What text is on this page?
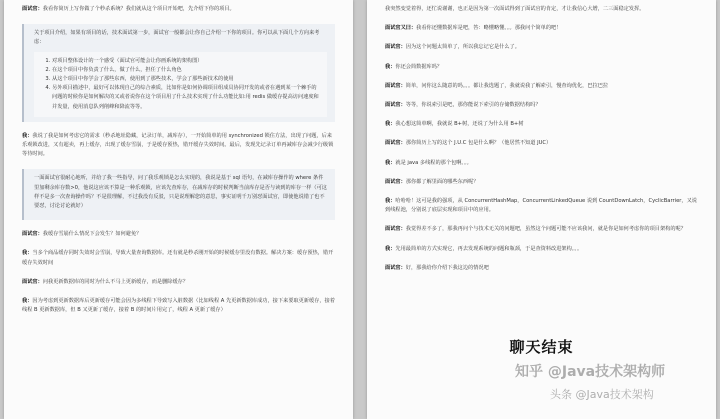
面试官：我看你简历上写你做了个秒杀系统？我们就从这个项目开始吧，先介绍下你的项目。

关于项目介绍，如果有项目的话，技术面试第一步，面试官一般都会让你自己介绍一下你的项目。你可以从下面几个方向来考虑：

1. 对项目整体设计的一个感受（面试官可能会让你画系统的架构图）
2. 在这个项目中你负责了什么，做了什么，担任了什么角色
3. 从这个项目中你学会了那些东西，使用到了那些技术，学会了那些新技术的使用
4. 另外项目描述中，最好可以体现自己的综合素质，比如你是如何协调项目组成员协同开发的或者在遇到某一个棘手的问题的时候你是如何解决的又或者说你在这个项目用了什么技术实现了什么功能比如:用 redis 做缓存提高访问速度和并发量，使用消息队列削峰和降流等等。

我：我说了我是如何考虑它的需求（秒杀地址隐藏，记录订单，减库存），一开始简单的用 synchronized 锁住方法，出现了问题，后来乐观锁改进，又有超卖，再上缓存，出现了缓存雪崩，于是缓存预热，错开缓存失效时间。最后，发现先记录订单再减库存会减少行级锁等待时间。

一面面试官很耐心地听，并给了我一些指导，问了我乐观锁是怎么实现的，我说是基于 sql 语句，在减库存操作的 where 条件里加剩余库存数>0，他说这应该不算是一种乐观锁，应该先查库存，在减库存的时候判断当前库存是否与读到的库存一样（可这样不是多一次查询操作吗？不是很理解，不过我没有反驳，只是说理解您的意思，事实证明千万别怼面试官，即使他说错了也不要怼，讨论讨论就好）

面试官：我缓存雪崩什么情况下会发生？如何避免？

我：当多个商品缓存同时失效时会雪崩，导致大量查询数据库。还有就是秒杀刚开始的时候缓存里没有数据。解决方案：缓存预热，错开缓存失效时间

面试官：问我更新数据库的同时为什么不马上更新缓存，而是删除缓存？

我：因为考虑到更新数据库后更新缓存可能会因为多线程下导致写入脏数据（比如线程 A 先更新数据库成功，接下来要取更新缓存，接着线程 B 更新数据库，但 B 又更新了缓存，接着 B 的时间片用完了，线程 A 更新了缓存）

我突然变觉着得，还忙说谢谢，也正是因为第一次面试得到了面试官的肯定，才让我信心大增，二三面稳定发挥。

面试官又曰：我看你还懂数据库是吧，答：略懂略懂。。。那我问个简单的吧！

面试官：因为这个问题太简单了，所以我忘记它是什么了。

我：你还会简数据库吗？

面试官：简单，问你这么随意的吗。。。都让我选题了，我就说我了解索引，慢查询优化，巴拉巴拉

面试官：等等，你说索引是吧，那你能说下索引的存储数据结构吗？

我：我心想这简单啊，我就说 B+树，还说了为什么用 B+树

面试官：那你简历上写的这个 J.U.C 包是什么啊？（他居然不知道 JUC）

我：就是 java 多线程的那个包啊。。。

面试官：那你都了解里面的哪些东西呢？

我：哈哈哈！这可是我的强项，从 ConcurrentHashMap，ConcurrentLinkedQueue 说到 CountDownLatch，CyclicBarrier，又说到线程池，分别说了底层实现和项目中的应用。

面试官：我觉得差不多了，那我再问个与技术无关的问题吧，虽然这个问题可能不应该我问，就是你是如何考虑你的项目架构的呢？

我：先用最简单的方式实现它，再去发现系统的问题和瓶颈，于是查资料改进架构。。。

面试官：好，那我给你介绍下我这边的情况吧

聊天结束
知乎 @Java技术架构师
头条 @Java技术架构
